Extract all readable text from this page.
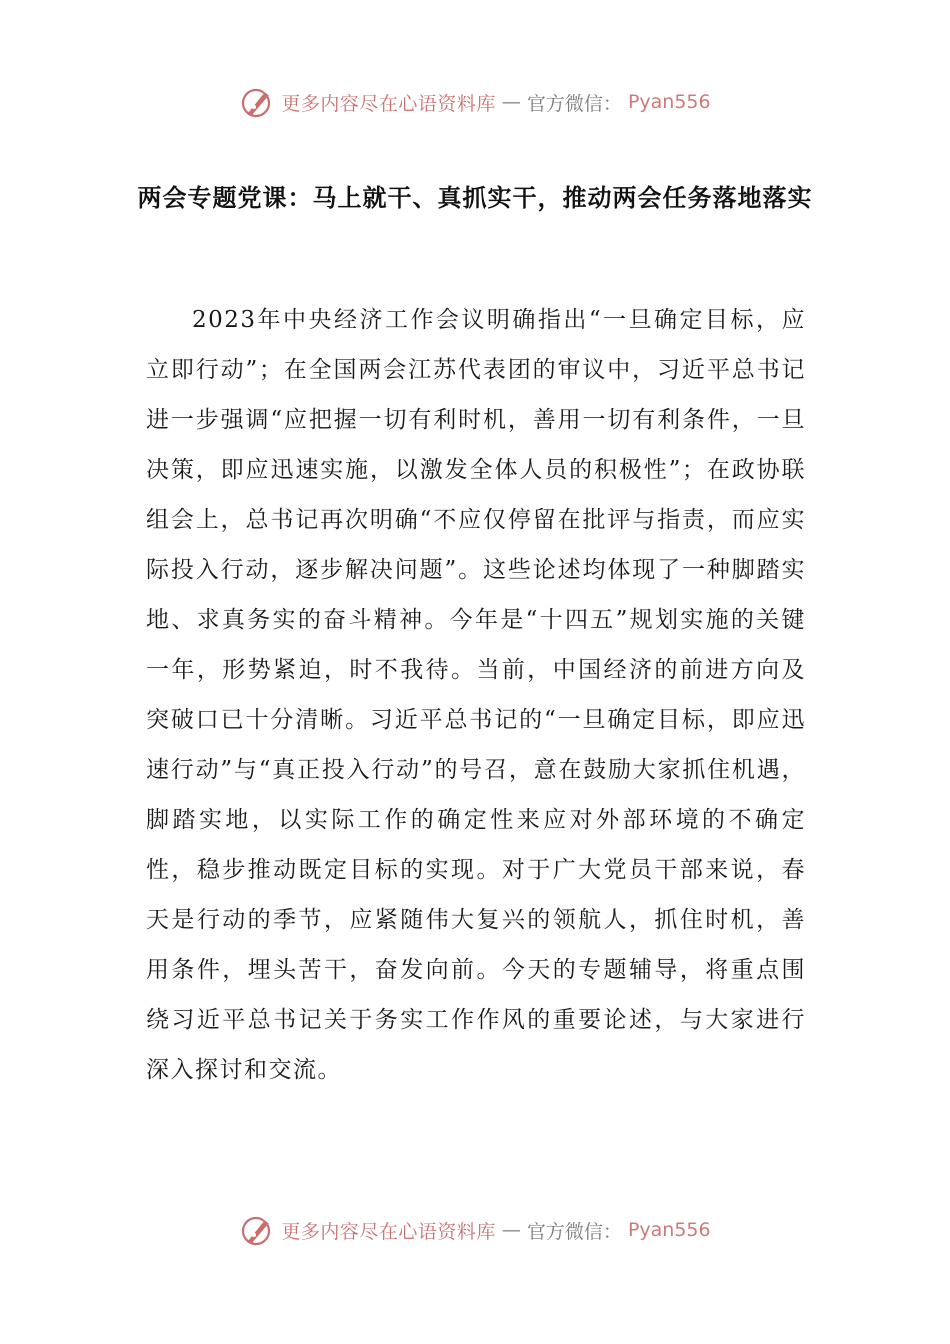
更多内容尽在心语资料库 — 官方微信： Pyan556
两会专题党课：马上就干、真抓实干，推动两会任务落地落实

2023年中央经济工作会议明确指出“一旦确定目标，应立即行动”；在全国两会江苏代表团的审议中，习近平总书记进一步强调“应把握一切有利时机，善用一切有利条件，一旦决策，即应迅速实施，以激发全体人员的积极性”；在政协联组会上，总书记再次明确“不应仅停留在批评与指责，而应实际投入行动，逐步解决问题”。这些论述均体现了一种脚踏实地、求真务实的奋斗精神。今年是“十四五”规划实施的关键一年，形势紧迫，时不我待。当前，中国经济的前进方向及突破口已十分清晰。习近平总书记的“一旦确定目标，即应迅速行动”与“真正投入行动”的号召，意在鼓励大家抓住机遇，脚踏实地，以实际工作的确定性来应对外部环境的不确定性，稳步推动既定目标的实现。对于广大党员干部来说，春天是行动的季节，应紧随伟大复兴的领航人，抓住时机，善用条件，埋头苦干，奋发向前。今天的专题辅导，将重点围绕习近平总书记关于务实工作作风的重要论述，与大家进行深入探讨和交流。

更多内容尽在心语资料库 — 官方微信： Pyan556
